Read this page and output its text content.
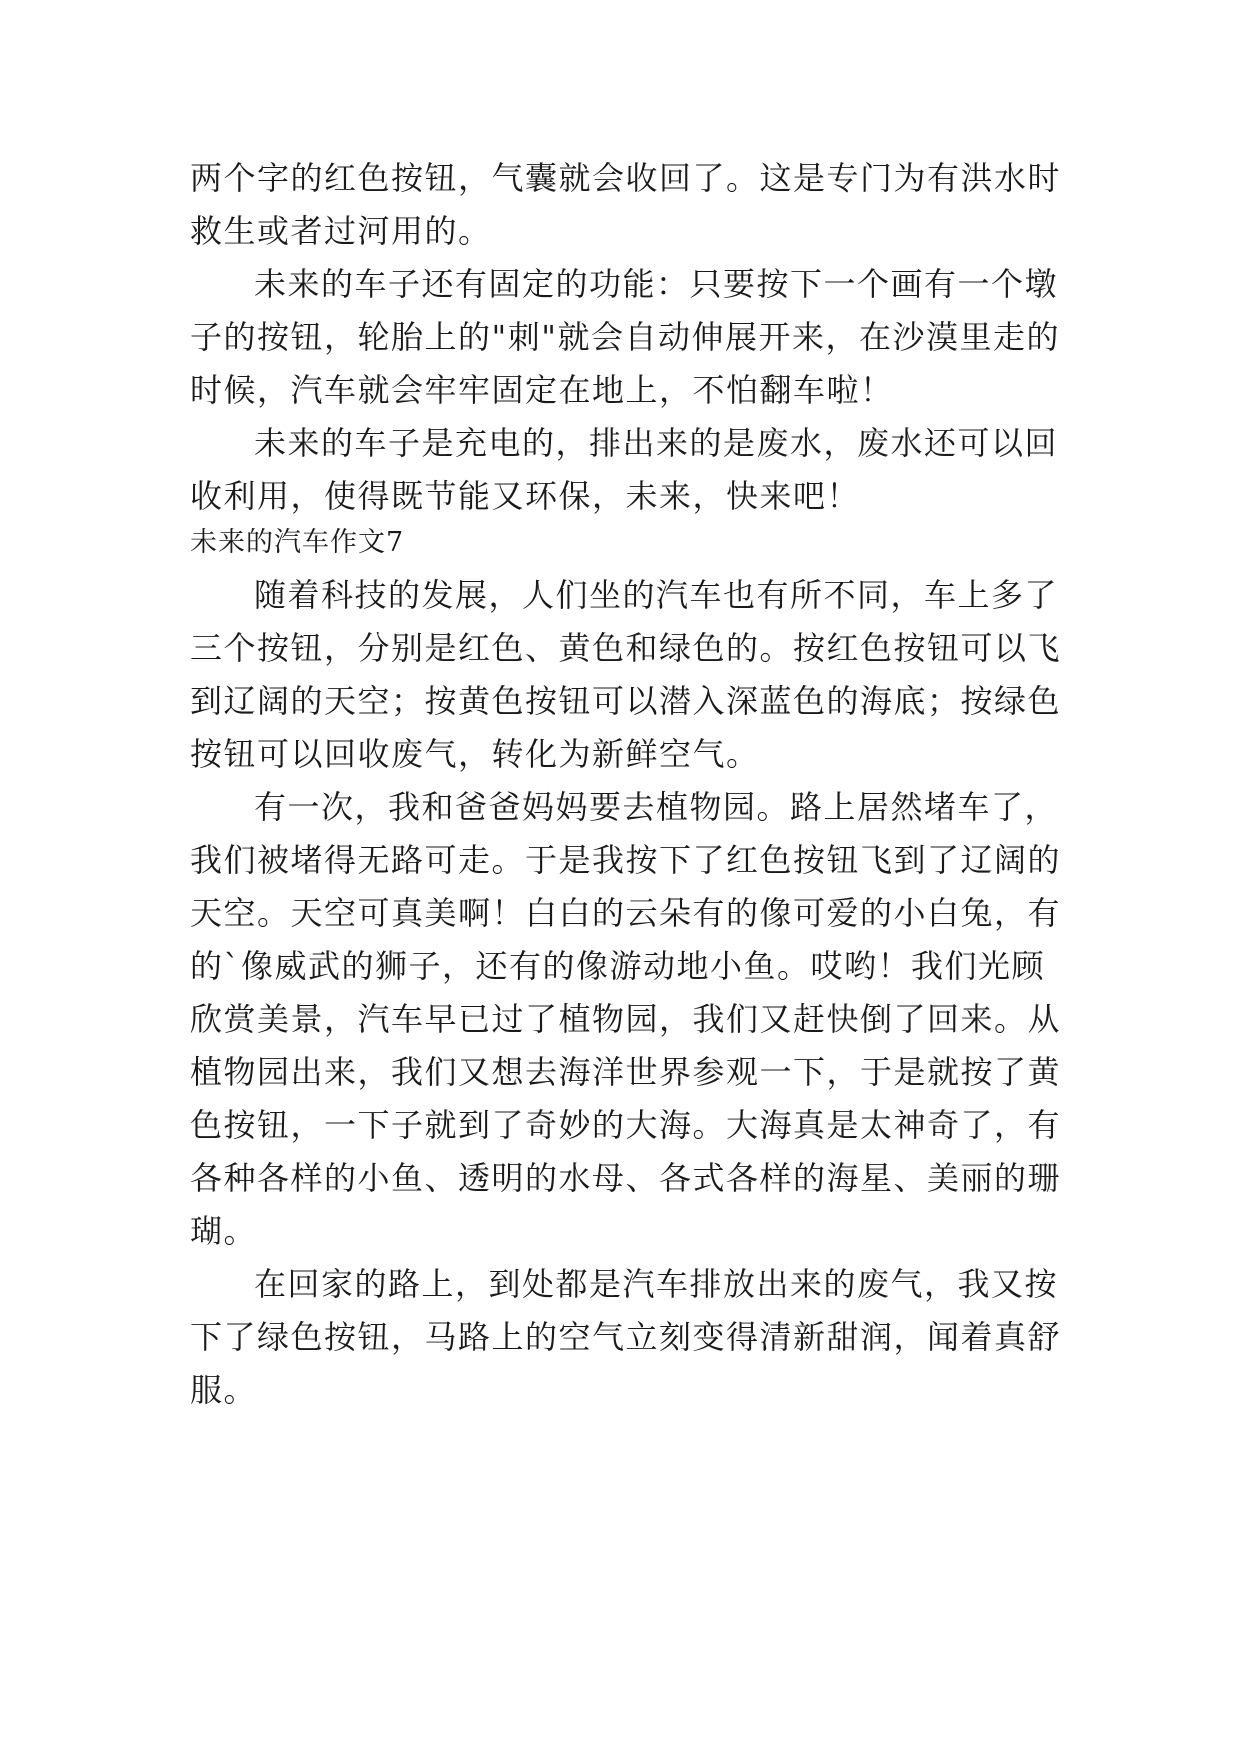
两个字的红色按钮，气囊就会收回了。这是专门为有洪水时
救生或者过河用的。
未来的车子还有固定的功能：只要按下一个画有一个墩
子的按钮，轮胎上的"刺"就会自动伸展开来，在沙漠里走的
时候，汽车就会牢牢固定在地上，不怕翻车啦！
未来的车子是充电的，排出来的是废水，废水还可以回
收利用，使得既节能又环保，未来，快来吧！
未来的汽车作文7
随着科技的发展，人们坐的汽车也有所不同，车上多了
三个按钮，分别是红色、黄色和绿色的。按红色按钮可以飞
到辽阔的天空；按黄色按钮可以潜入深蓝色的海底；按绿色
按钮可以回收废气，转化为新鲜空气。
有一次，我和爸爸妈妈要去植物园。路上居然堵车了，
我们被堵得无路可走。于是我按下了红色按钮飞到了辽阔的
天空。天空可真美啊！白白的云朵有的像可爱的小白兔，有
的`像威武的狮子，还有的像游动地小鱼。哎哟！我们光顾
欣赏美景，汽车早已过了植物园，我们又赶快倒了回来。从
植物园出来，我们又想去海洋世界参观一下，于是就按了黄
色按钮，一下子就到了奇妙的大海。大海真是太神奇了，有
各种各样的小鱼、透明的水母、各式各样的海星、美丽的珊
瑚。
在回家的路上，到处都是汽车排放出来的废气，我又按
下了绿色按钮，马路上的空气立刻变得清新甜润，闻着真舒
服。
